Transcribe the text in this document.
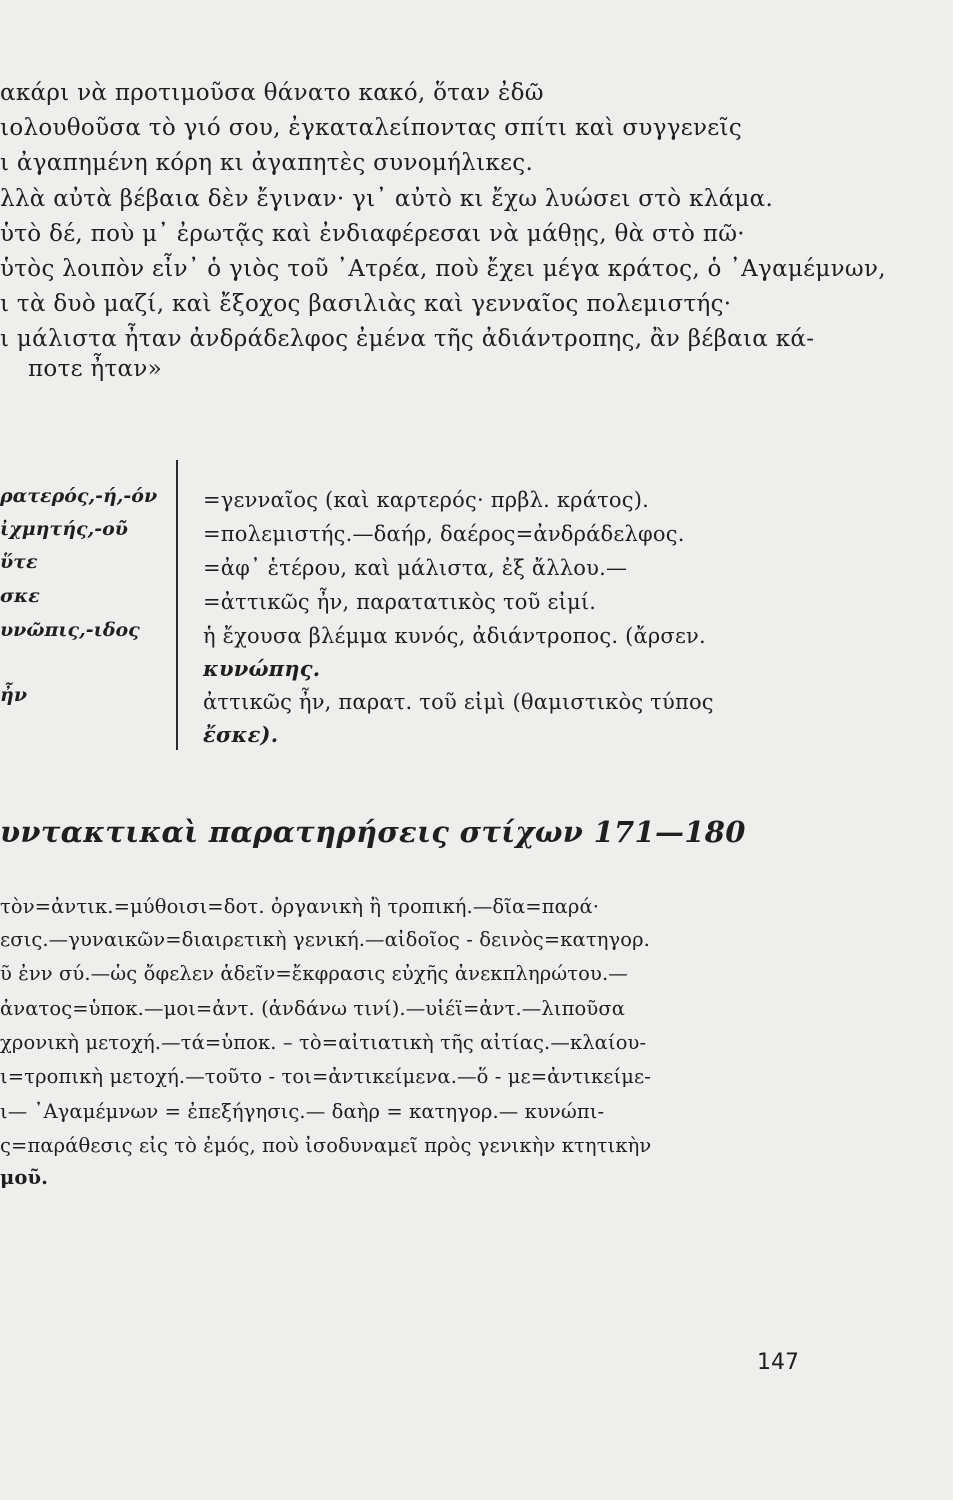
ακάρι νὰ προτιμοῦσα θάνατο κακό, ὅταν ἐδῶ
ιολουθοῦσα τὸ γιό σου, ἐγκαταλείποντας σπίτι καὶ συγγενεῖς
ι ἀγαπημένη κόρη κι ἀγαπητὲς συνομήλικες.
λλὰ αὐτὰ βέβαια δὲν ἔγιναν· γι᾿ αὐτὸ κι ἔχω λυώσει στὸ κλάμα.
ὑτὸ δέ, ποὺ μ᾿ ἐρωτᾷς καὶ ἐνδιαφέρεσαι νὰ μάθῃς, θὰ στὸ πῶ·
ὑτὸς λοιπὸν εἶν᾿ ὁ γιὸς τοῦ ᾿Ατρέα, ποὺ ἔχει μέγα κράτος, ὁ ᾿Αγαμέμνων,
ι τὰ δυὸ μαζί, καὶ ἔξοχος βασιλιὰς καὶ γενναῖος πολεμιστής·
ι μάλιστα ἦταν ἀνδράδελφος ἐμένα τῆς ἀδιάντροπης, ἂν βέβαια κά-
ποτε ἦταν»
ρατερός,-ή,-όν
ἰχμητής,-οῦ
ὕτε
σκε
υνῶπις,-ιδος
ἦν
=γενναῖος (καὶ καρτερός· πρβλ. κράτος).
=πολεμιστής.—δαήρ, δαέρος=ἀνδράδελφος.
=ἀφ᾿ ἑτέρου, καὶ μάλιστα, ἐξ ἄλλου.—
=ἀττικῶς ἦν, παρατατικὸς τοῦ εἰμί.
ἡ ἔχουσα βλέμμα κυνός, ἀδιάντροπος. (ἄρσεν.
κυνώπης.
ἀττικῶς ἦν, παρατ. τοῦ εἰμὶ (θαμιστικὸς τύπος
ἔσκε).
υντακτικαὶ παρατηρήσεις στίχων 171—180
τὸν=ἀντικ.=μύθοισι=δοτ. ὀργανικὴ ἢ τροπική.—δῖα=παρά·
εσις.—γυναικῶν=διαιρετικὴ γενική.—αἰδοῖος - δεινὸς=κατηγορ.
ῦ ἐνν σύ.—ὡς ὄφελεν ἁδεῖν=ἔκφρασις εὐχῆς ἀνεκπληρώτου.—
ἀνατος=ὑποκ.—μοι=ἀντ. (ἁνδάνω τινί).—υἱέϊ=ἀντ.—λιποῦσα
χρονικὴ μετοχή.—τά=ὑποκ. – τὸ=αἰτιατικὴ τῆς αἰτίας.—κλαίου-
ι=τροπικὴ μετοχή.—τοῦτο - τοι=ἀντικείμενα.—ὅ - με=ἀντικείμε-
ι— ᾿Αγαμέμνων = ἐπεξήγησις.— δαὴρ = κατηγορ.— κυνώπι-
ς=παράθεσις εἰς τὸ ἐμός, ποὺ ἰσοδυναμεῖ πρὸς γενικὴν κτητικὴν
μοῦ.
147
